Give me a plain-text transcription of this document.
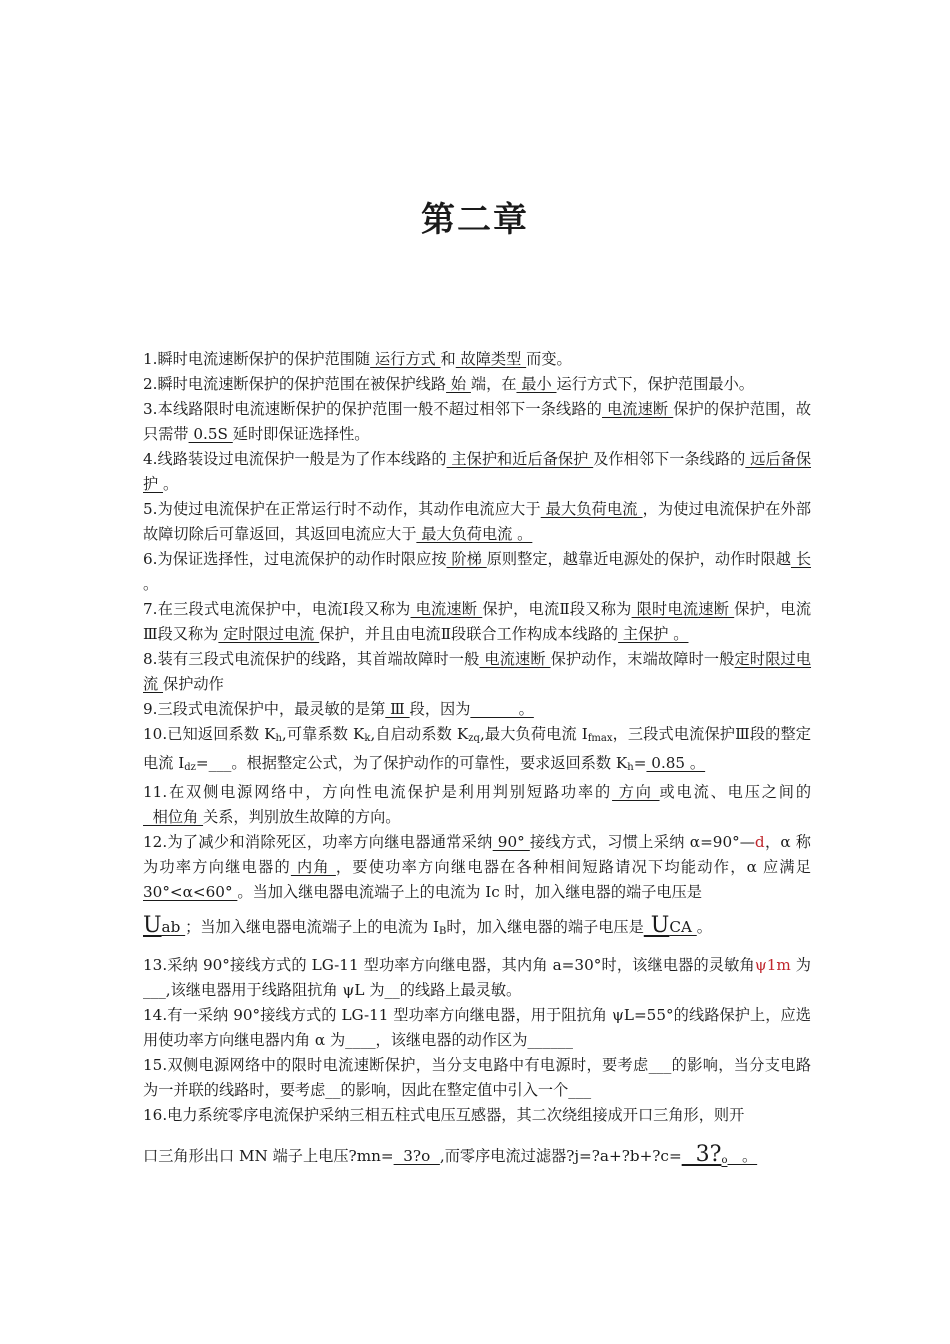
第二章

1.瞬时电流速断保护的保护范围随 运行方式 和 故障类型 而变。

2.瞬时电流速断保护的保护范围在被保护线路 始 端，在 最小 运行方式下，保护范围最小。

3.本线路限时电流速断保护的保护范围一般不超过相邻下一条线路的 电流速断 保护的保护范围，故只需带 0.5S 延时即保证选择性。

4.线路装设过电流保护一般是为了作本线路的 主保护和近后备保护 及作相邻下一条线路的 远后备保护 。

5.为使过电流保护在正常运行时不动作，其动作电流应大于 最大负荷电流 ，为使过电流保护在外部故障切除后可靠返回，其返回电流应大于 最大负荷电流 。

6.为保证选择性，过电流保护的动作时限应按 阶梯 原则整定，越靠近电源处的保护，动作时限越 长 。

7.在三段式电流保护中，电流Ⅰ段又称为 电流速断 保护，电流Ⅱ段又称为 限时电流速断 保护，电流Ⅲ段又称为 定时限过电流 保护，并且由电流Ⅱ段联合工作构成本线路的 主保护 。

8.装有三段式电流保护的线路，其首端故障时一般 电流速断 保护动作，末端故障时一般定时限过电流 保护动作

9.三段式电流保护中，最灵敏的是第 Ⅲ 段，因为          。

10.已知返回系数 $K_h$,可靠系数 $K_k$,自启动系数 $K_{zq}$,最大负荷电流 $I_{fmax}$，三段式电流保护Ⅲ段的整定电流 $I_{dz}=\_\_\_$。根据整定公式，为了保护动作的可靠性，要求返回系数 $K_h= 0.85$ 。

11.在双侧电源网络中，方向性电流保护是利用判别短路功率的 方向 或电流、电压之间的  相位角 关系，判别放生故障的方向。

12.为了减少和消除死区，功率方向继电器通常采纳 90° 接线方式，习惯上采纳 α=90°—d，α 称为功率方向继电器的 内角 ，要使功率方向继电器在各种相间短路请况下均能动作，α 应满足 30°<α<60° 。当加入继电器电流端子上的电流为 Ic 时，加入继电器的端子电压是
Uab ；当加入继电器电流端子上的电流为 $I_B$时，加入继电器的端子电压是 UCA 。

13.采纳 90°接线方式的 LG-11 型功率方向继电器，其内角 a=30°时，该继电器的灵敏角ψ1m 为___,该继电器用于线路阻抗角 ψL 为__的线路上最灵敏。

14.有一采纳 90°接线方式的 LG-11 型功率方向继电器，用于阻抗角 ψL=55°的线路保护上，应选用使功率方向继电器内角 α 为____，该继电器的动作区为______

15.双侧电源网络中的限时电流速断保护，当分支电路中有电源时，要考虑___的影响，当分支电路为一并联的线路时，要考虑__的影响，因此在整定值中引入一个___

16.电力系统零序电流保护采纳三相五柱式电压互感器，其二次绕组接成开口三角形，则开

口三角形出口 MN 端子上电压?mn=  3?o  ,而零序电流过滤器?j=?a+?b+?c=  $3?_o$   。
